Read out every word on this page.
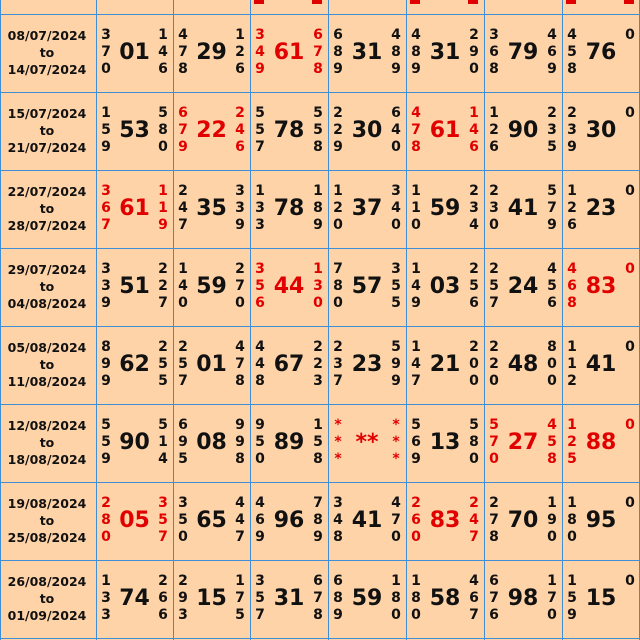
08/07/2024
to
14/07/2024
3
7
0
01
1
4
6
4
7
8
29
1
2
6
3
4
9
61
6
7
8
6
8
9
31
4
8
9
4
8
9
31
2
9
0
3
6
8
79
4
6
9
4
5
8
76
0
15/07/2024
to
21/07/2024
1
5
9
53
5
8
0
6
7
9
22
2
4
6
5
5
7
78
5
5
8
2
2
9
30
6
4
0
4
7
8
61
1
4
6
1
2
6
90
2
3
5
2
3
9
30
0
22/07/2024
to
28/07/2024
3
6
7
61
1
1
9
2
4
7
35
3
3
9
1
3
3
78
1
8
9
1
2
0
37
3
4
0
1
1
0
59
2
3
4
2
3
0
41
5
7
9
1
2
6
23
0
29/07/2024
to
04/08/2024
3
3
9
51
2
2
7
1
4
0
59
2
7
0
3
5
6
44
1
3
0
7
8
0
57
3
5
5
1
4
9
03
2
5
6
2
5
7
24
4
5
6
4
6
8
83
0
05/08/2024
to
11/08/2024
8
9
9
62
2
5
5
2
5
7
01
4
7
8
4
4
8
67
2
2
3
2
3
7
23
5
9
9
1
4
7
21
2
0
0
2
2
0
48
8
0
0
1
1
2
41
0
12/08/2024
to
18/08/2024
5
5
9
90
5
1
4
6
9
5
08
9
9
8
9
5
0
89
1
5
8
*
*
*
**
*
*
*
5
6
9
13
5
8
0
5
7
0
27
4
5
8
1
2
5
88
0
19/08/2024
to
25/08/2024
2
8
0
05
3
5
7
3
5
0
65
4
4
7
4
6
9
96
7
8
9
3
4
8
41
4
7
0
2
6
0
83
2
4
7
2
7
8
70
1
9
0
1
8
0
95
0
26/08/2024
to
01/09/2024
1
3
3
74
2
6
6
2
9
3
15
1
7
5
3
5
7
31
6
7
8
6
8
9
59
1
8
0
1
8
0
58
4
6
7
6
7
6
98
1
7
0
1
5
9
15
0
